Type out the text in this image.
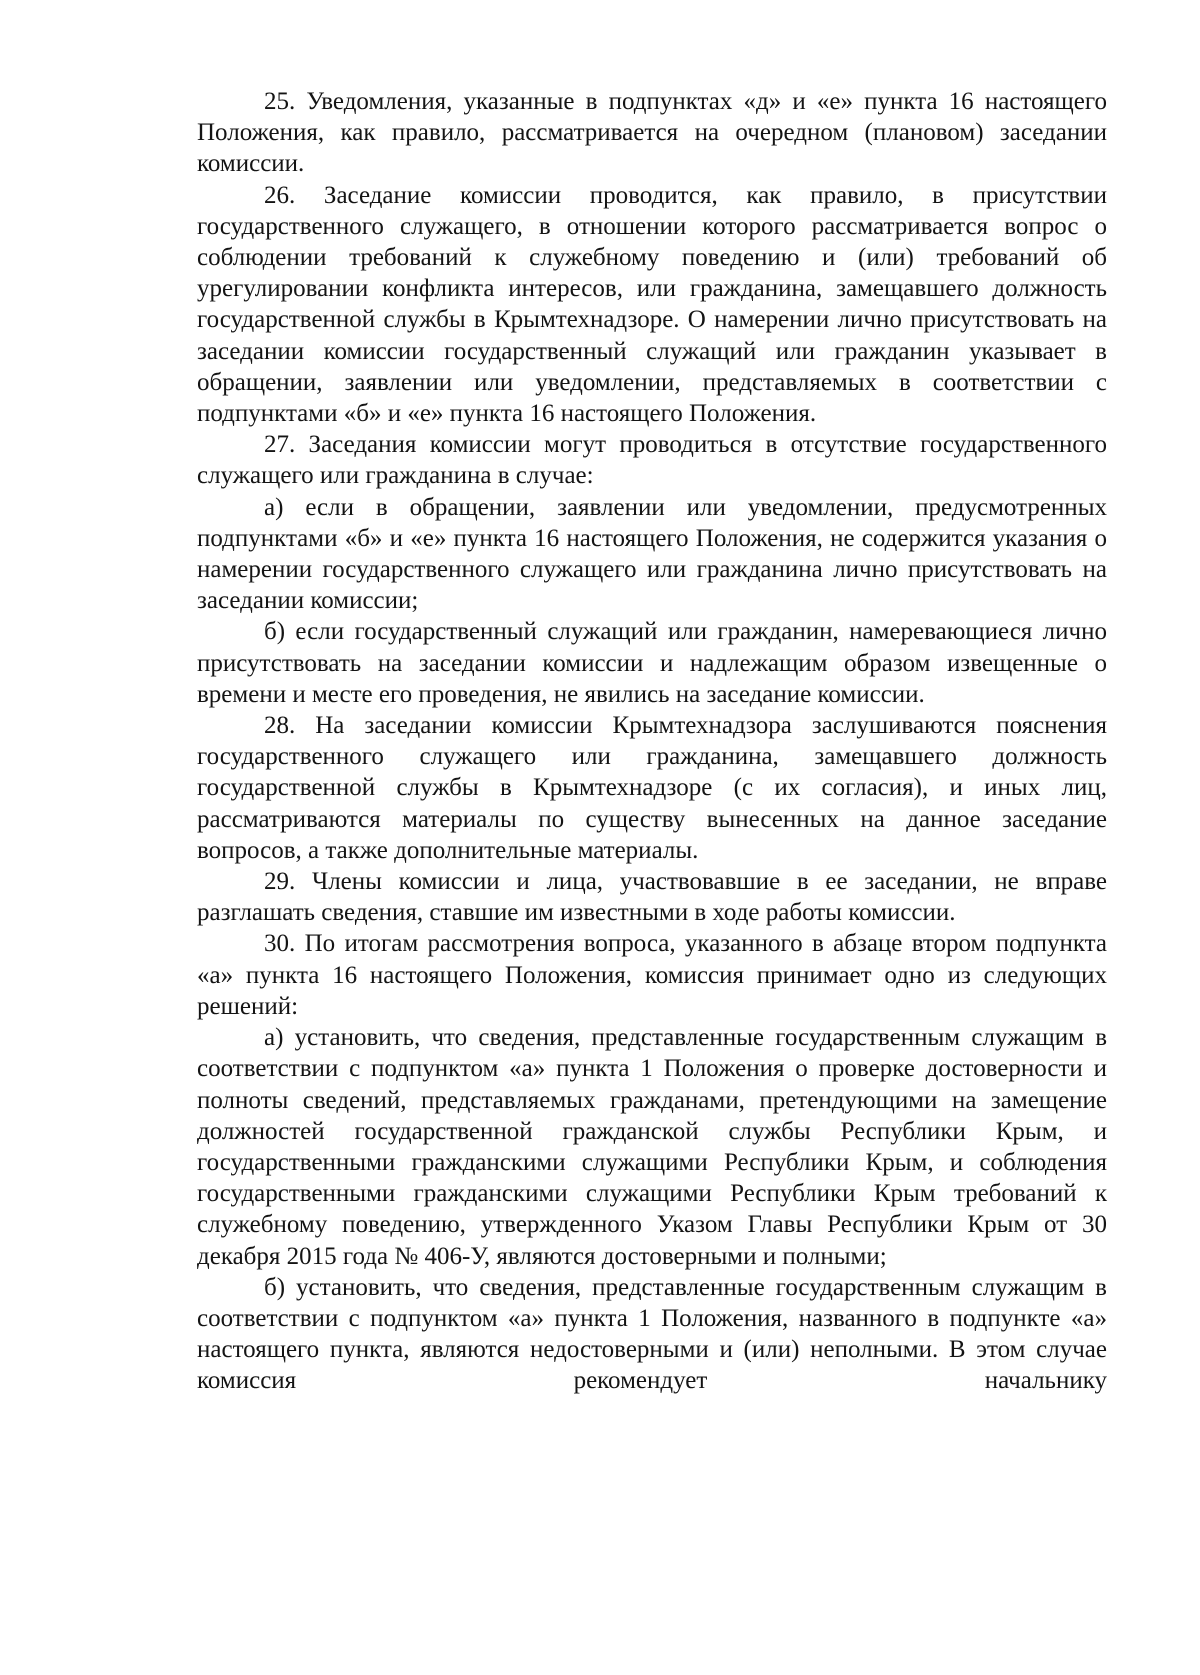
25. Уведомления, указанные в подпунктах «д» и «е» пункта 16 настоящего Положения, как правило, рассматривается на очередном (плановом) заседании комиссии.

26. Заседание комиссии проводится, как правило, в присутствии государственного служащего, в отношении которого рассматривается вопрос о соблюдении требований к служебному поведению и (или) требований об урегулировании конфликта интересов, или гражданина, замещавшего должность государственной службы в Крымтехнадзоре. О намерении лично присутствовать на заседании комиссии государственный служащий или гражданин указывает в обращении, заявлении или уведомлении, представляемых в соответствии с подпунктами «б» и «е» пункта 16 настоящего Положения.

27. Заседания комиссии могут проводиться в отсутствие государственного служащего или гражданина в случае:

а) если в обращении, заявлении или уведомлении, предусмотренных подпунктами «б» и «е» пункта 16 настоящего Положения, не содержится указания о намерении государственного служащего или гражданина лично присутствовать на заседании комиссии;

б) если государственный служащий или гражданин, намеревающиеся лично присутствовать на заседании комиссии и надлежащим образом извещенные о времени и месте его проведения, не явились на заседание комиссии.

28. На заседании комиссии Крымтехнадзора заслушиваются пояснения государственного служащего или гражданина, замещавшего должность государственной службы в Крымтехнадзоре (с их согласия), и иных лиц, рассматриваются материалы по существу вынесенных на данное заседание вопросов, а также дополнительные материалы.

29. Члены комиссии и лица, участвовавшие в ее заседании, не вправе разглашать сведения, ставшие им известными в ходе работы комиссии.

30. По итогам рассмотрения вопроса, указанного в абзаце втором подпункта «а» пункта 16 настоящего Положения, комиссия принимает одно из следующих решений:

а) установить, что сведения, представленные государственным служащим в соответствии с подпунктом «а» пункта 1 Положения о проверке достоверности и полноты сведений, представляемых гражданами, претендующими на замещение должностей государственной гражданской службы Республики Крым, и государственными гражданскими служащими Республики Крым, и соблюдения государственными гражданскими служащими Республики Крым требований к служебному поведению, утвержденного Указом Главы Республики Крым от 30 декабря 2015 года № 406-У, являются достоверными и полными;

б) установить, что сведения, представленные государственным служащим в соответствии с подпунктом «а» пункта 1 Положения, названного в подпункте «а» настоящего пункта, являются недостоверными и (или) неполными. В этом случае комиссия рекомендует начальнику
